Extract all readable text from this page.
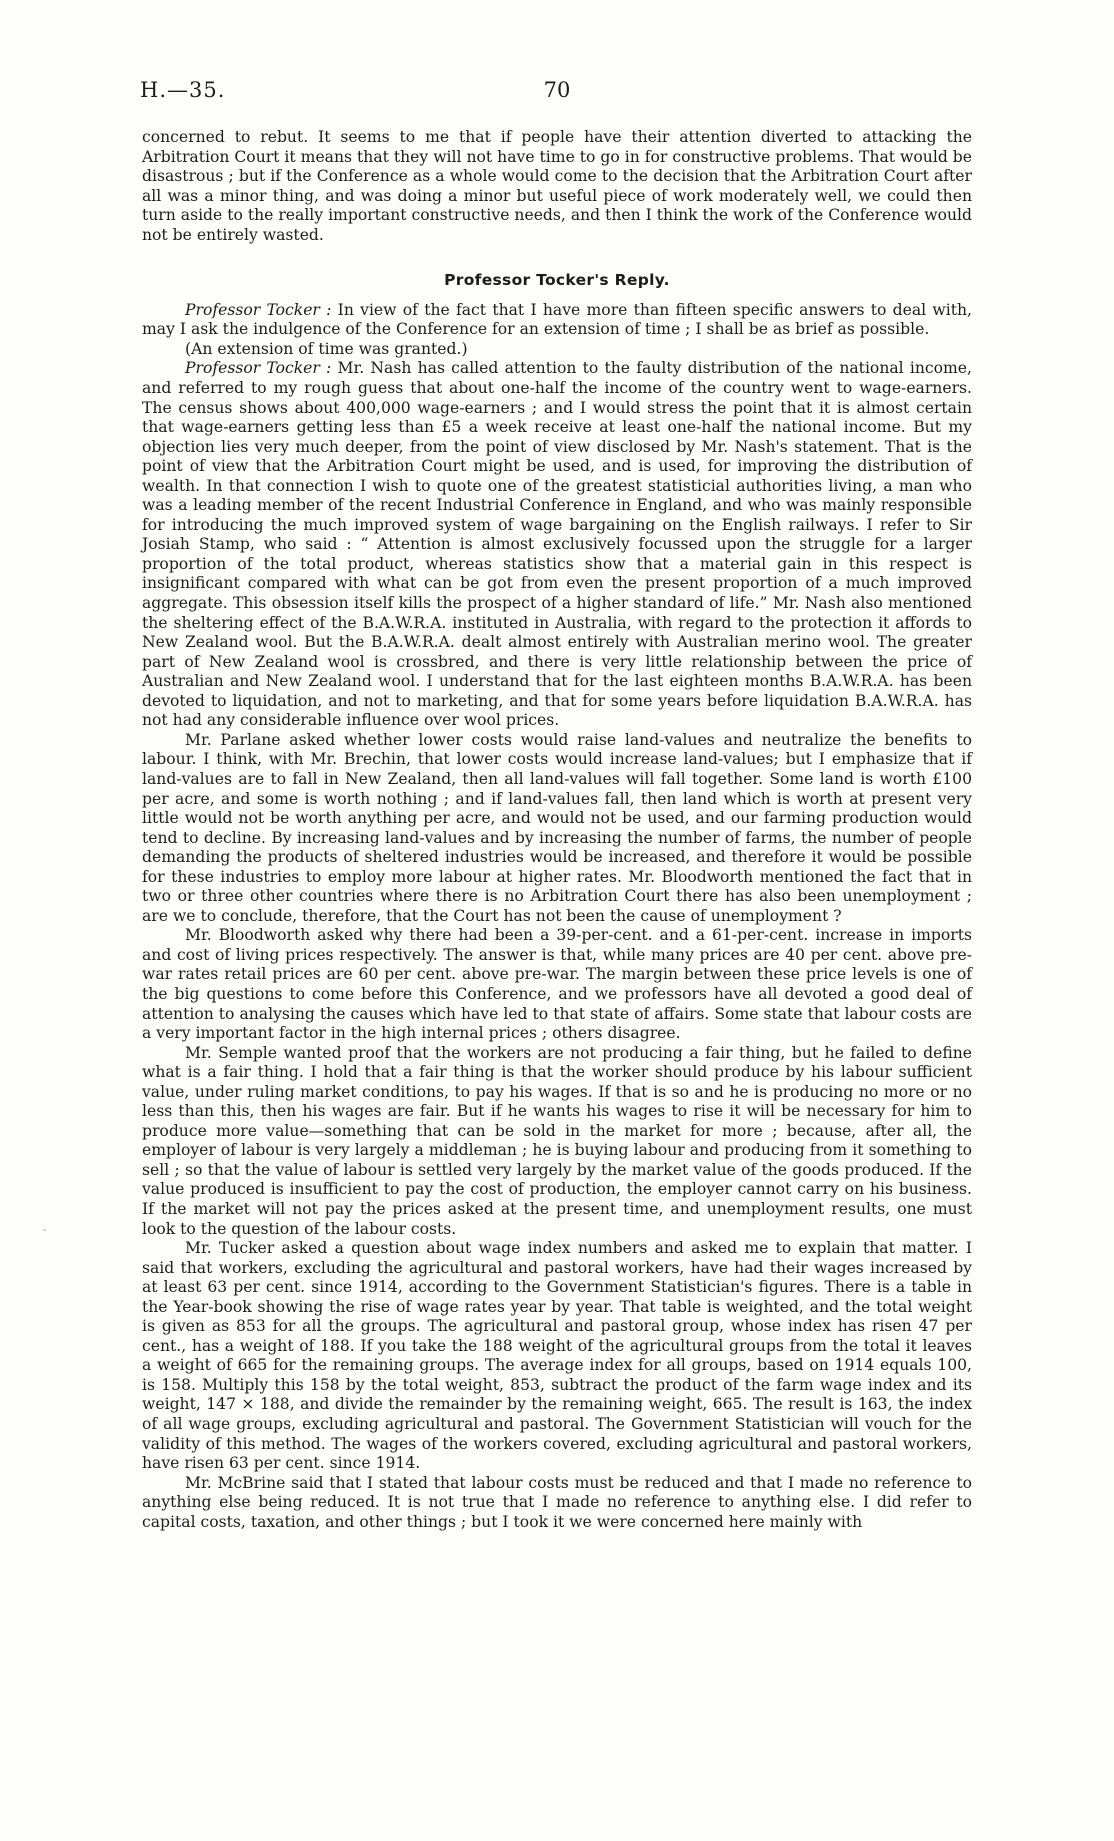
H.—35.	70

concerned to rebut. It seems to me that if people have their attention diverted to attacking the Arbitration Court it means that they will not have time to go in for constructive problems. That would be disastrous ; but if the Conference as a whole would come to the decision that the Arbitration Court after all was a minor thing, and was doing a minor but useful piece of work moderately well, we could then turn aside to the really important constructive needs, and then I think the work of the Conference would not be entirely wasted.

Professor Tocker's Reply.

Professor Tocker : In view of the fact that I have more than fifteen specific answers to deal with, may I ask the indulgence of the Conference for an extension of time ; I shall be as brief as possible.

(An extension of time was granted.)

Professor Tocker : Mr. Nash has called attention to the faulty distribution of the national income, and referred to my rough guess that about one-half the income of the country went to wage-earners. The census shows about 400,000 wage-earners ; and I would stress the point that it is almost certain that wage-earners getting less than £5 a week receive at least one-half the national income. But my objection lies very much deeper, from the point of view disclosed by Mr. Nash's statement. That is the point of view that the Arbitration Court might be used, and is used, for improving the distribution of wealth. In that connection I wish to quote one of the greatest statisticial authorities living, a man who was a leading member of the recent Industrial Conference in England, and who was mainly responsible for introducing the much improved system of wage bargaining on the English railways. I refer to Sir Josiah Stamp, who said : “ Attention is almost exclusively focussed upon the struggle for a larger proportion of the total product, whereas statistics show that a material gain in this respect is insignificant compared with what can be got from even the present proportion of a much improved aggregate. This obsession itself kills the prospect of a higher standard of life.” Mr. Nash also mentioned the sheltering effect of the B.A.W.R.A. instituted in Australia, with regard to the protection it affords to New Zealand wool. But the B.A.W.R.A. dealt almost entirely with Australian merino wool. The greater part of New Zealand wool is crossbred, and there is very little relationship between the price of Australian and New Zealand wool. I understand that for the last eighteen months B.A.W.R.A. has been devoted to liquidation, and not to marketing, and that for some years before liquidation B.A.W.R.A. has not had any considerable influence over wool prices.

Mr. Parlane asked whether lower costs would raise land-values and neutralize the benefits to labour. I think, with Mr. Brechin, that lower costs would increase land-values; but I emphasize that if land-values are to fall in New Zealand, then all land-values will fall together. Some land is worth £100 per acre, and some is worth nothing ; and if land-values fall, then land which is worth at present very little would not be worth anything per acre, and would not be used, and our farming production would tend to decline. By increasing land-values and by increasing the number of farms, the number of people demanding the products of sheltered industries would be increased, and therefore it would be possible for these industries to employ more labour at higher rates. Mr. Bloodworth mentioned the fact that in two or three other countries where there is no Arbitration Court there has also been unemployment ; are we to conclude, therefore, that the Court has not been the cause of unemployment ?

Mr. Bloodworth asked why there had been a 39-per-cent. and a 61-per-cent. increase in imports and cost of living prices respectively. The answer is that, while many prices are 40 per cent. above pre-war rates retail prices are 60 per cent. above pre-war. The margin between these price levels is one of the big questions to come before this Conference, and we professors have all devoted a good deal of attention to analysing the causes which have led to that state of affairs. Some state that labour costs are a very important factor in the high internal prices ; others disagree.

Mr. Semple wanted proof that the workers are not producing a fair thing, but he failed to define what is a fair thing. I hold that a fair thing is that the worker should produce by his labour sufficient value, under ruling market conditions, to pay his wages. If that is so and he is producing no more or no less than this, then his wages are fair. But if he wants his wages to rise it will be necessary for him to produce more value—something that can be sold in the market for more ; because, after all, the employer of labour is very largely a middleman ; he is buying labour and producing from it something to sell ; so that the value of labour is settled very largely by the market value of the goods produced. If the value produced is insufficient to pay the cost of production, the employer cannot carry on his business. If the market will not pay the prices asked at the present time, and unemployment results, one must look to the question of the labour costs.

Mr. Tucker asked a question about wage index numbers and asked me to explain that matter. I said that workers, excluding the agricultural and pastoral workers, have had their wages increased by at least 63 per cent. since 1914, according to the Government Statistician's figures. There is a table in the Year-book showing the rise of wage rates year by year. That table is weighted, and the total weight is given as 853 for all the groups. The agricultural and pastoral group, whose index has risen 47 per cent., has a weight of 188. If you take the 188 weight of the agricultural groups from the total it leaves a weight of 665 for the remaining groups. The average index for all groups, based on 1914 equals 100, is 158. Multiply this 158 by the total weight, 853, subtract the product of the farm wage index and its weight, 147 × 188, and divide the remainder by the remaining weight, 665. The result is 163, the index of all wage groups, excluding agricultural and pastoral. The Government Statistician will vouch for the validity of this method. The wages of the workers covered, excluding agricultural and pastoral workers, have risen 63 per cent. since 1914.

Mr. McBrine said that I stated that labour costs must be reduced and that I made no reference to anything else being reduced. It is not true that I made no reference to anything else. I did refer to capital costs, taxation, and other things ; but I took it we were concerned here mainly with

˘
